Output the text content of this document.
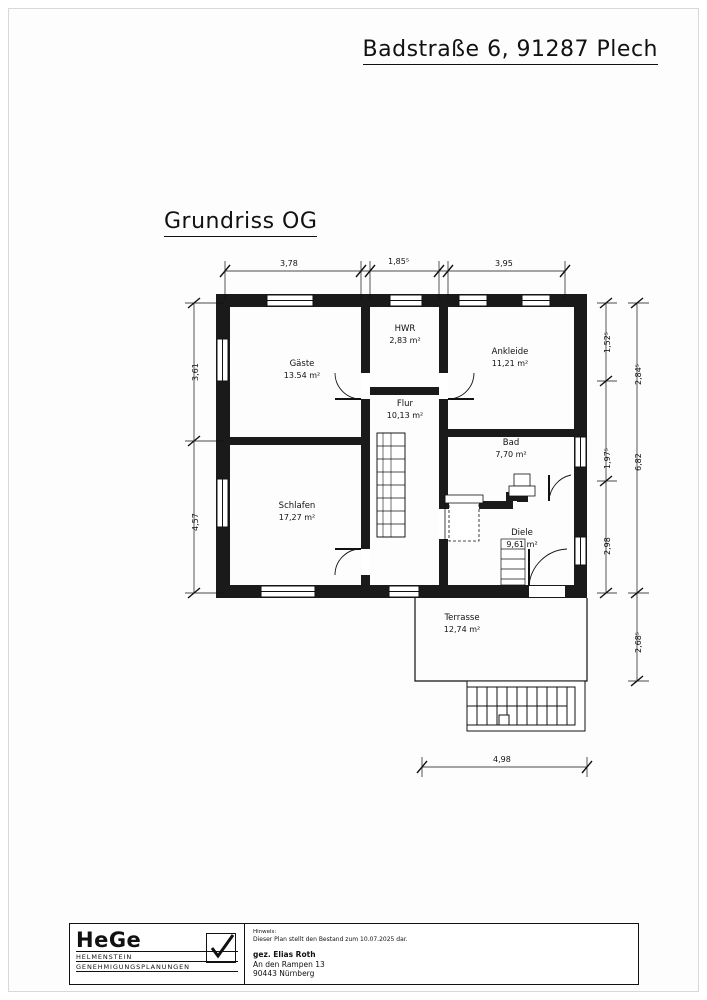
Badstraße 6, 91287 Plech
Grundriss OG
Gäste
13.54 m²
HWR
2,83 m²
Ankleide
11,21 m²
Flur
10,13 m²
Bad
7,70 m²
Schlafen
17,27 m²
Diele
9,61 m²
Terrasse
12,74 m²
3,78	1,85⁵	3,95
3,61
4,57
1,52⁵
1,97⁵
2,98
2,84⁵
6,82
2,68⁵
4,98
HeGe
HELMENSTEIN
GENEHMIGUNGSPLANUNGEN
Hinweis:
Dieser Plan stellt den Bestand zum 10.07.2025 dar.
gez. Elias Roth
An den Rampen 13
90443 Nürnberg
